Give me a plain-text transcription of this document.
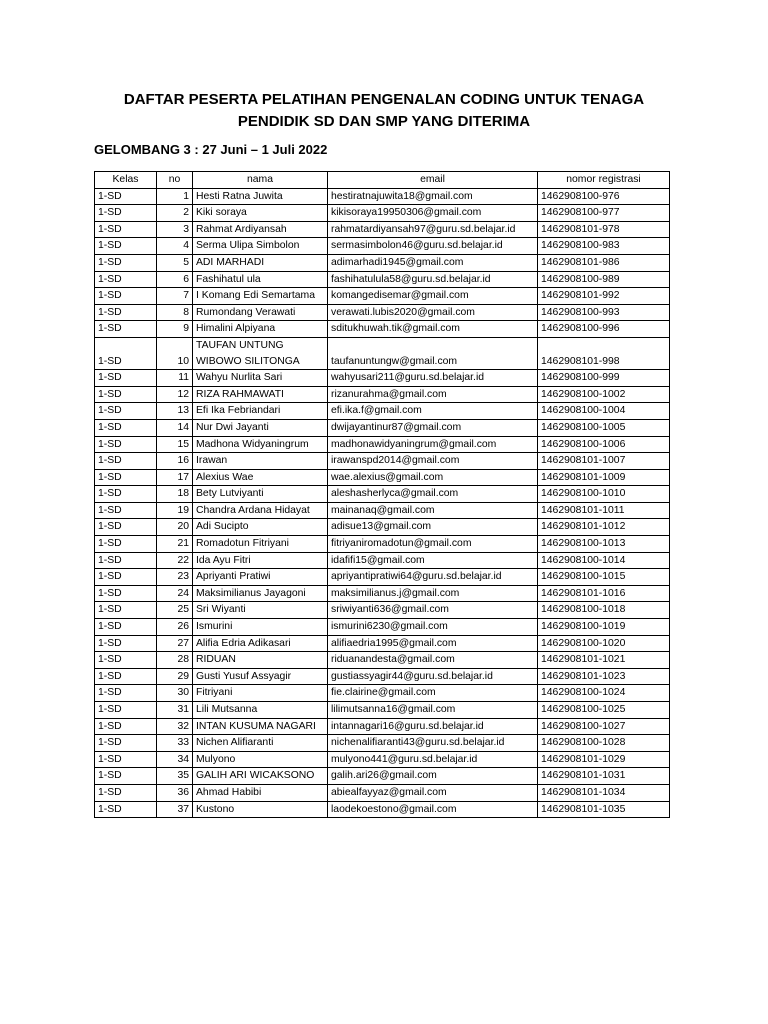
DAFTAR PESERTA PELATIHAN PENGENALAN CODING UNTUK TENAGA
PENDIDIK SD DAN SMP YANG DITERIMA
GELOMBANG 3 : 27 Juni – 1 Juli 2022
Kelas	no	nama	email	nomor registrasi
1-SD	1	Hesti Ratna Juwita	hestiratnajuwita18@gmail.com	1462908100-976
1-SD	2	Kiki soraya	kikisoraya19950306@gmail.com	1462908100-977
1-SD	3	Rahmat Ardiyansah	rahmatardiyansah97@guru.sd.belajar.id	1462908101-978
1-SD	4	Serma Ulipa Simbolon	sermasimbolon46@guru.sd.belajar.id	1462908100-983
1-SD	5	ADI MARHADI	adimarhadi1945@gmail.com	1462908101-986
1-SD	6	Fashihatul ula	fashihatulula58@guru.sd.belajar.id	1462908100-989
1-SD	7	I Komang Edi Semartama	komangedisemar@gmail.com	1462908101-992
1-SD	8	Rumondang Verawati	verawati.lubis2020@gmail.com	1462908100-993
1-SD	9	Himalini Alpiyana	sditukhuwah.tik@gmail.com	1462908100-996
1-SD	10	TAUFAN UNTUNG WIBOWO SILITONGA	taufanuntungw@gmail.com	1462908101-998
1-SD	11	Wahyu Nurlita Sari	wahyusari211@guru.sd.belajar.id	1462908100-999
1-SD	12	RIZA RAHMAWATI	rizanurahma@gmail.com	1462908100-1002
1-SD	13	Efi Ika Febriandari	efi.ika.f@gmail.com	1462908100-1004
1-SD	14	Nur Dwi Jayanti	dwijayantinur87@gmail.com	1462908100-1005
1-SD	15	Madhona Widyaningrum	madhonawidyaningrum@gmail.com	1462908100-1006
1-SD	16	Irawan	irawanspd2014@gmail.com	1462908101-1007
1-SD	17	Alexius Wae	wae.alexius@gmail.com	1462908101-1009
1-SD	18	Bety Lutviyanti	aleshasherlyca@gmail.com	1462908100-1010
1-SD	19	Chandra Ardana Hidayat	mainanaq@gmail.com	1462908101-1011
1-SD	20	Adi Sucipto	adisue13@gmail.com	1462908101-1012
1-SD	21	Romadotun Fitriyani	fitriyaniromadotun@gmail.com	1462908100-1013
1-SD	22	Ida Ayu Fitri	idafifi15@gmail.com	1462908100-1014
1-SD	23	Apriyanti Pratiwi	apriyantipratiwi64@guru.sd.belajar.id	1462908100-1015
1-SD	24	Maksimilianus Jayagoni	maksimilianus.j@gmail.com	1462908101-1016
1-SD	25	Sri Wiyanti	sriwiyanti636@gmail.com	1462908100-1018
1-SD	26	Ismurini	ismurini6230@gmail.com	1462908100-1019
1-SD	27	Alifia Edria Adikasari	alifiaedria1995@gmail.com	1462908100-1020
1-SD	28	RIDUAN	riduanandesta@gmail.com	1462908101-1021
1-SD	29	Gusti Yusuf Assyagir	gustiassyagir44@guru.sd.belajar.id	1462908101-1023
1-SD	30	Fitriyani	fie.clairine@gmail.com	1462908100-1024
1-SD	31	Lili Mutsanna	lilimutsanna16@gmail.com	1462908100-1025
1-SD	32	INTAN KUSUMA NAGARI	intannagari16@guru.sd.belajar.id	1462908100-1027
1-SD	33	Nichen Alifiaranti	nichenalifiaranti43@guru.sd.belajar.id	1462908100-1028
1-SD	34	Mulyono	mulyono441@guru.sd.belajar.id	1462908101-1029
1-SD	35	GALIH ARI WICAKSONO	galih.ari26@gmail.com	1462908101-1031
1-SD	36	Ahmad Habibi	abiealfayyaz@gmail.com	1462908101-1034
1-SD	37	Kustono	laodekoestono@gmail.com	1462908101-1035
